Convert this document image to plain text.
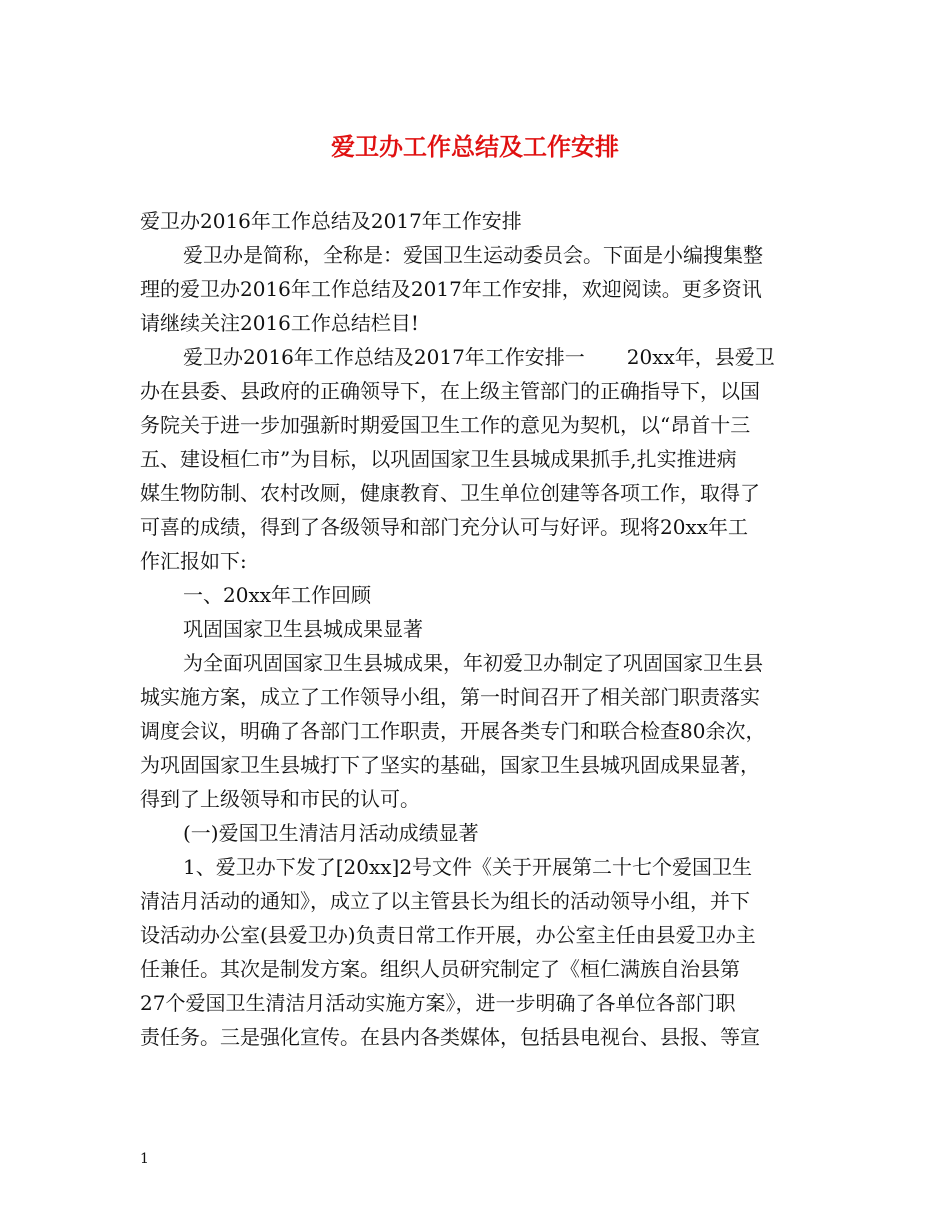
爱卫办工作总结及工作安排
爱卫办2016年工作总结及2017年工作安排
爱卫办是简称，全称是：爱国卫生运动委员会。下面是小编搜集整
理的爱卫办2016年工作总结及2017年工作安排，欢迎阅读。更多资讯
请继续关注2016工作总结栏目!
爱卫办2016年工作总结及2017年工作安排一 20xx年，县爱卫
办在县委、县政府的正确领导下，在上级主管部门的正确指导下，以国
务院关于进一步加强新时期爱国卫生工作的意见为契机，以“昂首十三
五、建设桓仁市”为目标，以巩固国家卫生县城成果抓手,扎实推进病
媒生物防制、农村改厕，健康教育、卫生单位创建等各项工作，取得了
可喜的成绩，得到了各级领导和部门充分认可与好评。现将20xx年工
作汇报如下:
一、20xx年工作回顾
巩固国家卫生县城成果显著
为全面巩固国家卫生县城成果，年初爱卫办制定了巩固国家卫生县
城实施方案，成立了工作领导小组，第一时间召开了相关部门职责落实
调度会议，明确了各部门工作职责，开展各类专门和联合检查80余次，
为巩固国家卫生县城打下了坚实的基础，国家卫生县城巩固成果显著，
得到了上级领导和市民的认可。
(一)爱国卫生清洁月活动成绩显著
1、爱卫办下发了[20xx]2号文件《关于开展第二十七个爱国卫生
清洁月活动的通知》，成立了以主管县长为组长的活动领导小组，并下
设活动办公室(县爱卫办)负责日常工作开展，办公室主任由县爱卫办主
任兼任。其次是制发方案。组织人员研究制定了《桓仁满族自治县第
27个爱国卫生清洁月活动实施方案》，进一步明确了各单位各部门职
责任务。三是强化宣传。在县内各类媒体，包括县电视台、县报、等宣
1
